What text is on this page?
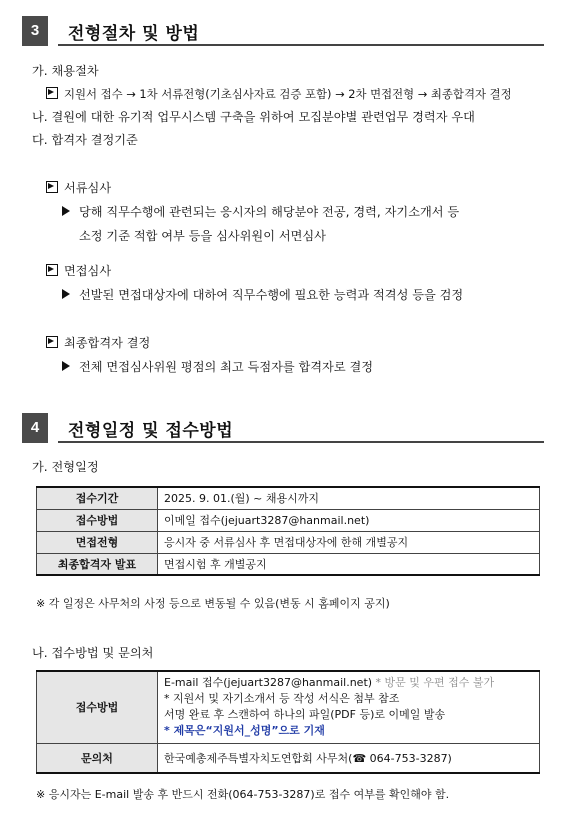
3	전형절차 및 방법
가. 채용절차
지원서 접수 → 1차 서류전형(기초심사자료 검증 포함) → 2차 면접전형 → 최종합격자 결정
나. 결원에 대한 유기적 업무시스템 구축을 위하여 모집분야별 관련업무 경력자 우대
다. 합격자 결정기준
서류심사
당해 직무수행에 관련되는 응시자의 해당분야 전공, 경력, 자기소개서 등
소정 기준 적합 여부 등을 심사위원이 서면심사
면접심사
선발된 면접대상자에 대하여 직무수행에 필요한 능력과 적격성 등을 검정
최종합격자 결정
전체 면접심사위원 평점의 최고 득점자를 합격자로 결정
4	전형일정 및 접수방법
가. 전형일정
접수기간	2025. 9. 01.(월) ~ 채용시까지
접수방법	이메일 접수(jejuart3287@hanmail.net)
면접전형	응시자 중 서류심사 후 면접대상자에 한해 개별공지
최종합격자 발표	면접시험 후 개별공지
※ 각 일정은 사무처의 사정 등으로 변동될 수 있음(변동 시 홈페이지 공지)
나. 접수방법 및 문의처
접수방법	E-mail 접수(jejuart3287@hanmail.net) * 방문 및 우편 접수 불가
* 지원서 및 자기소개서 등 작성 서식은 첨부 참조
서명 완료 후 스캔하여 하나의 파일(PDF 등)로 이메일 발송
* 제목은“지원서_성명”으로 기재

문의처	한국예총제주특별자치도연합회 사무처(☎ 064-753-3287)
※ 응시자는 E-mail 발송 후 반드시 전화(064-753-3287)로 접수 여부를 확인해야 함.
